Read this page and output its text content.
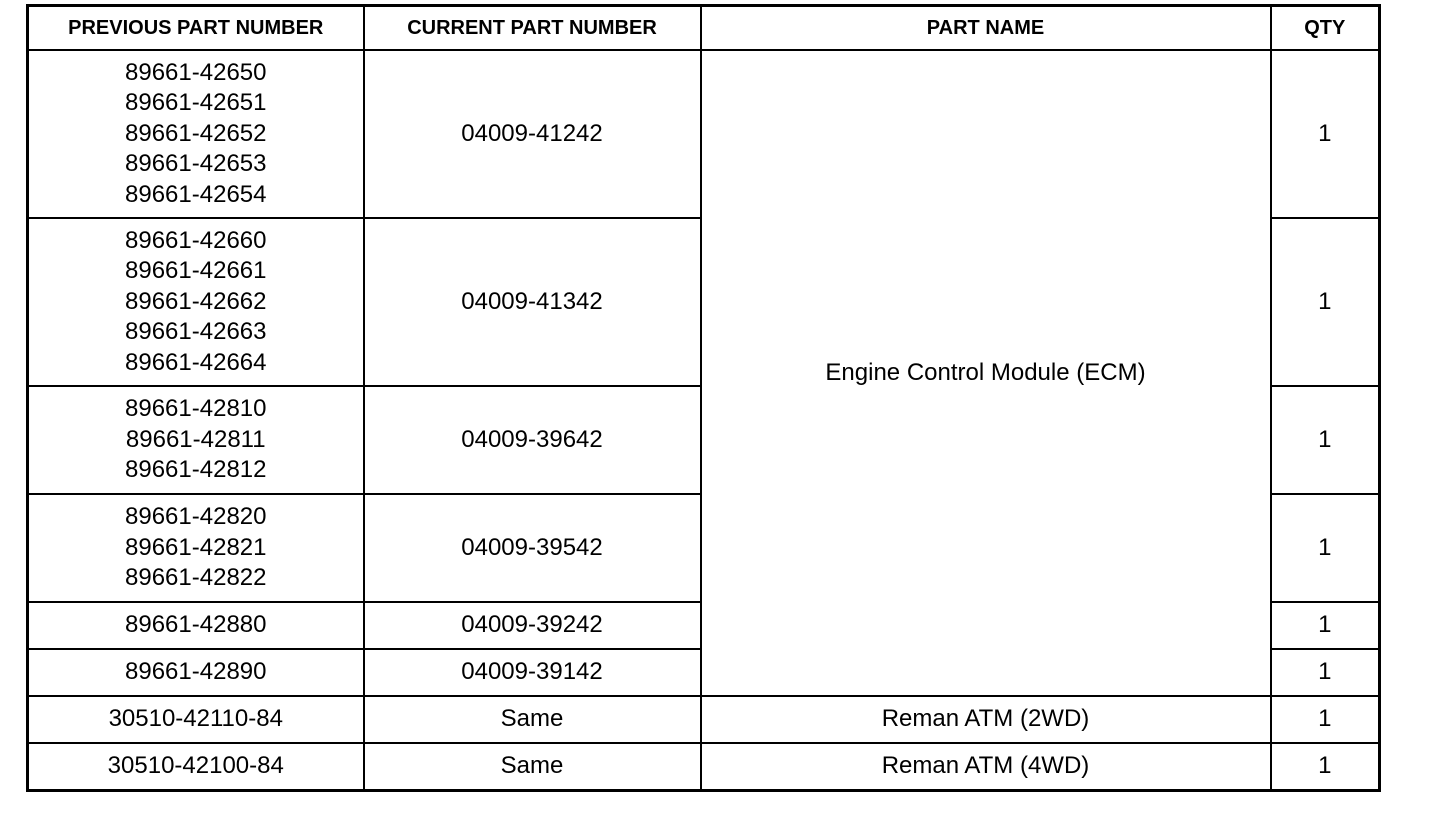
PREVIOUS PART NUMBER	CURRENT PART NUMBER	PART NAME	QTY

89661-42650
89661-42651
89661-42652
89661-42653
89661-42654	04009-41242	Engine Control Module (ECM)	1

89661-42660
89661-42661
89661-42662
89661-42663
89661-42664	04009-41342		1

89661-42810
89661-42811
89661-42812	04009-39642		1

89661-42820
89661-42821
89661-42822	04009-39542		1
89661-42880	04009-39242		1
89661-42890	04009-39142		1
30510-42110-84	Same	Reman ATM (2WD)	1
30510-42100-84	Same	Reman ATM (4WD)	1
